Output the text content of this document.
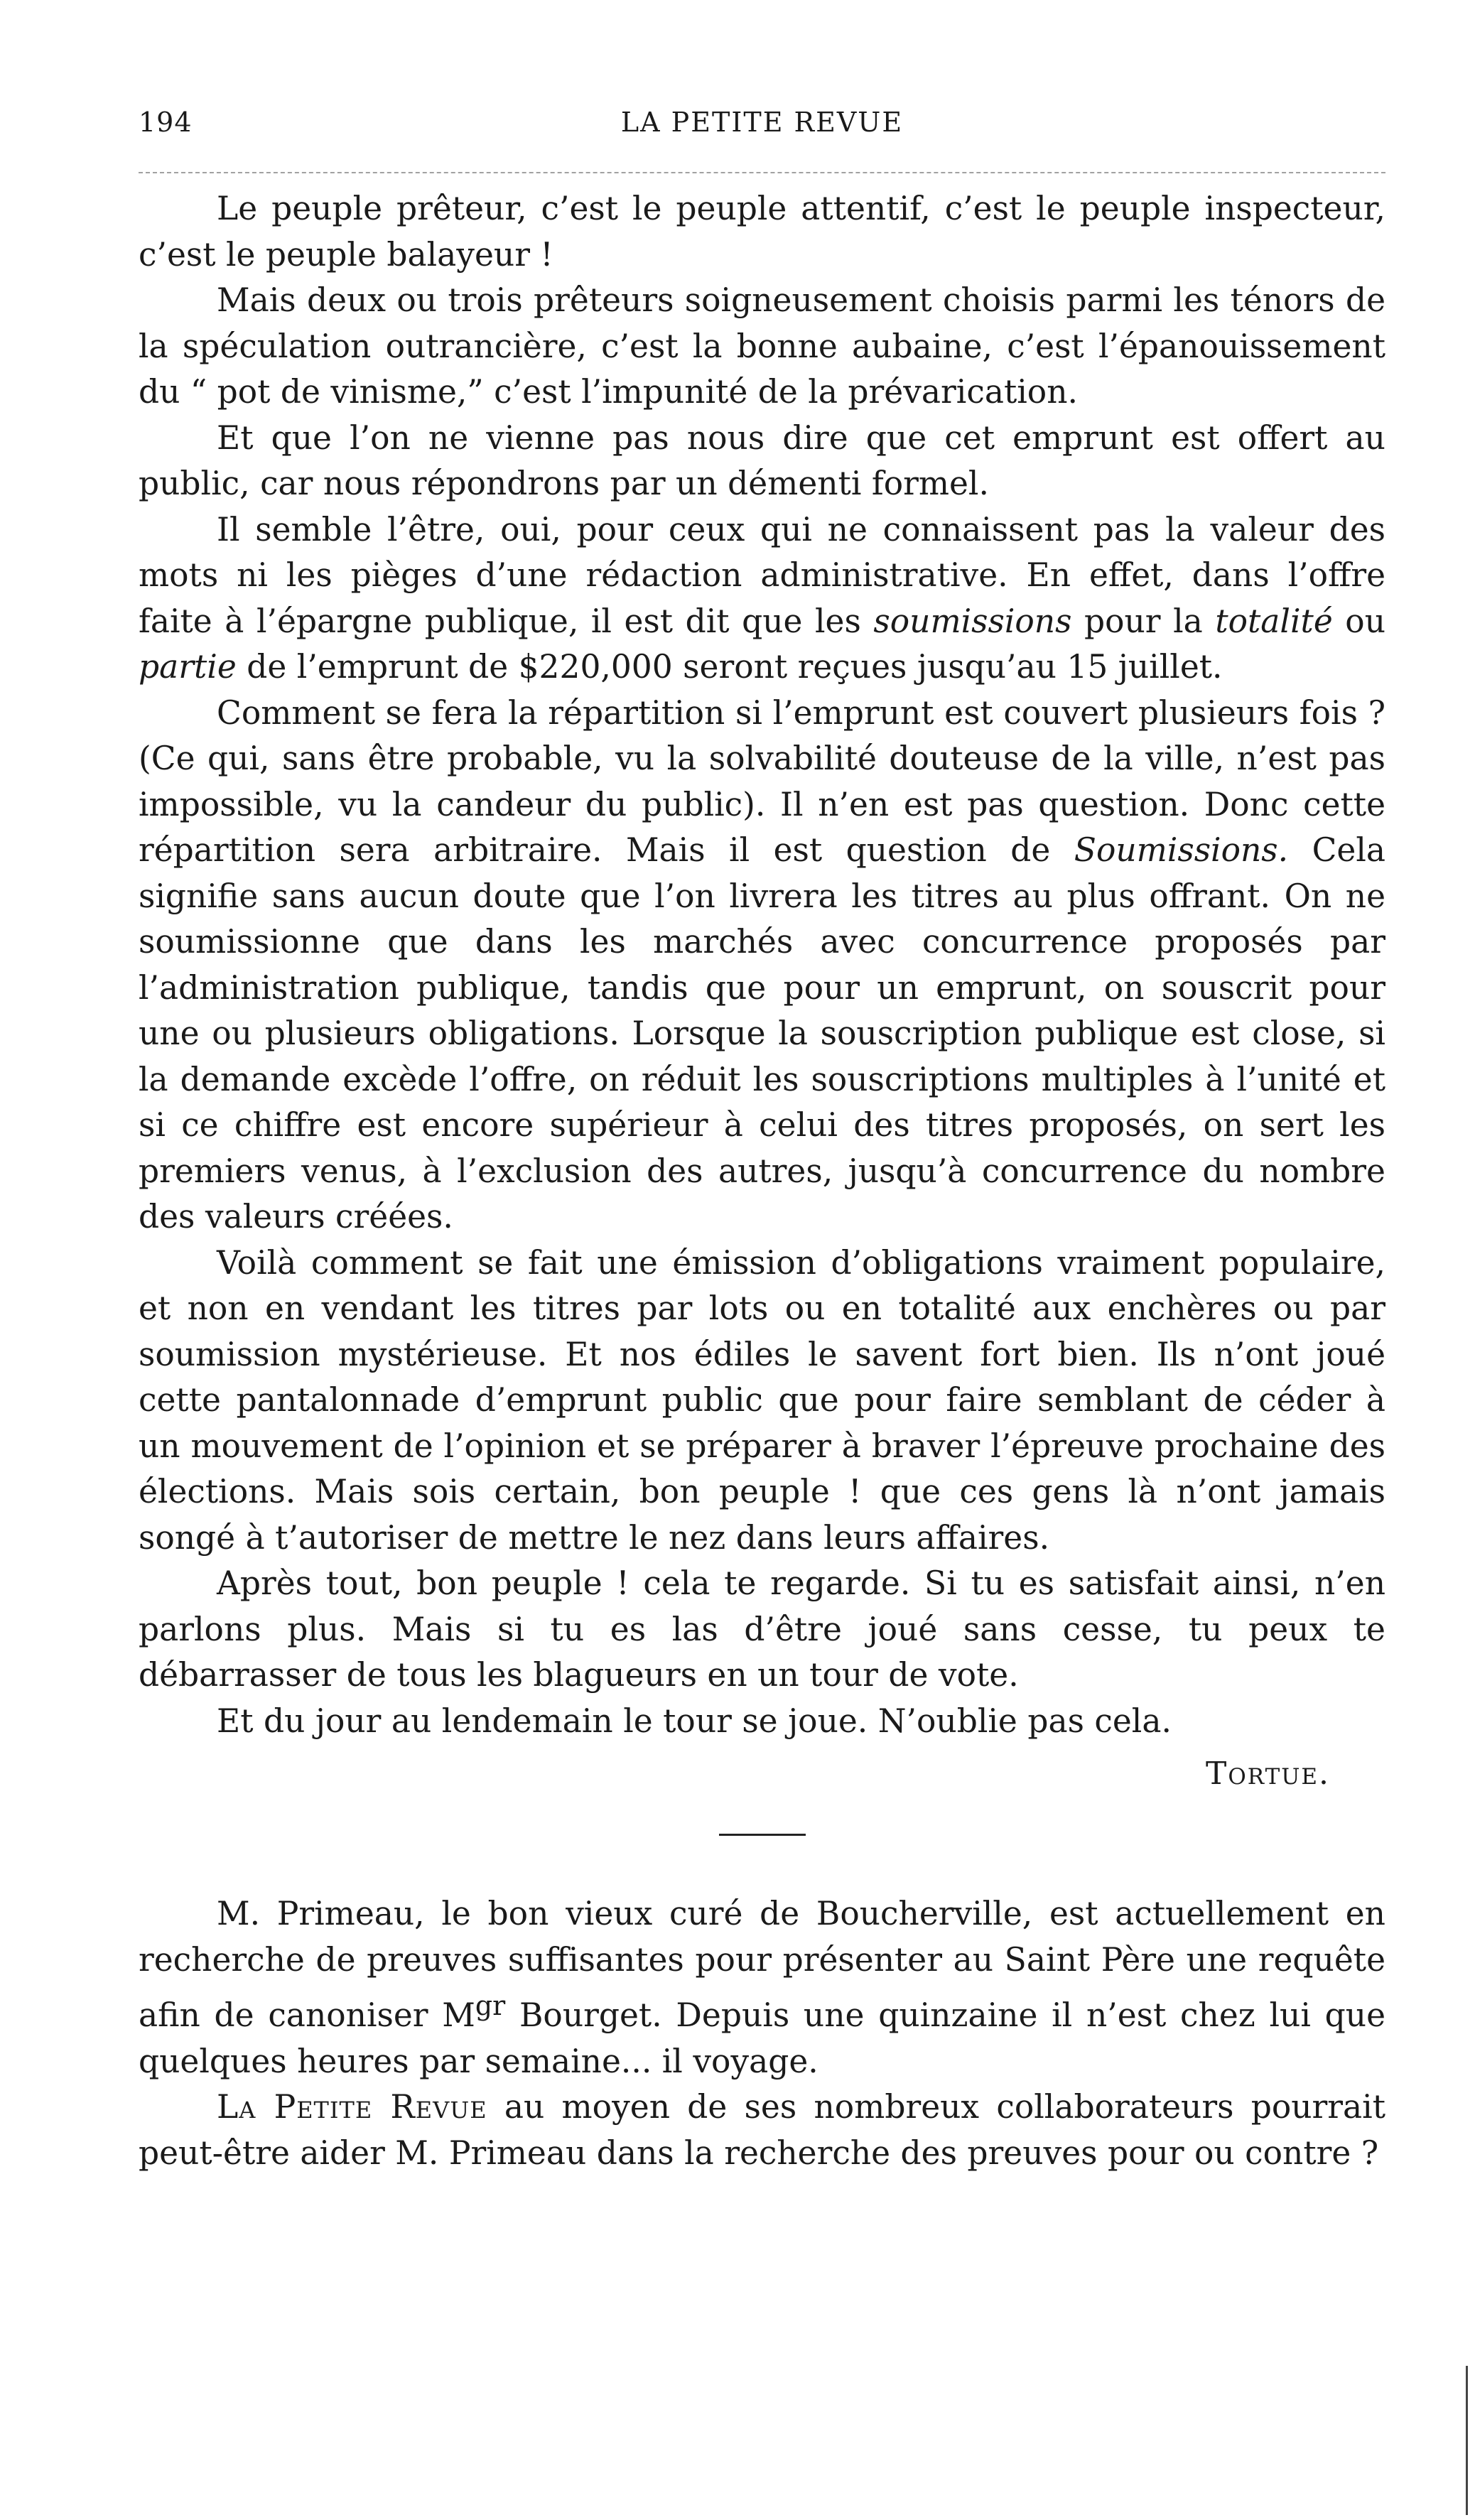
194	LA PETITE REVUE

Le peuple prêteur, c’est le peuple attentif, c’est le peuple inspecteur, c’est le peuple balayeur !

Mais deux ou trois prêteurs soigneusement choisis parmi les ténors de la spéculation outrancière, c’est la bonne aubaine, c’est l’épanouissement du “ pot de vinisme,” c’est l’impunité de la prévarication.

Et que l’on ne vienne pas nous dire que cet emprunt est offert au public, car nous répondrons par un démenti formel.

Il semble l’être, oui, pour ceux qui ne connaissent pas la valeur des mots ni les pièges d’une rédaction administrative. En effet, dans l’offre faite à l’épargne publique, il est dit que les soumissions pour la totalité ou partie de l’emprunt de $220,000 seront reçues jusqu’au 15 juillet.

Comment se fera la répartition si l’emprunt est couvert plusieurs fois ? (Ce qui, sans être probable, vu la solvabilité douteuse de la ville, n’est pas impossible, vu la candeur du public). Il n’en est pas question. Donc cette répartition sera arbitraire. Mais il est question de Soumissions. Cela signifie sans aucun doute que l’on livrera les titres au plus offrant. On ne soumissionne que dans les marchés avec concurrence proposés par l’administration publique, tandis que pour un emprunt, on souscrit pour une ou plusieurs obligations. Lorsque la souscription publique est close, si la demande excède l’offre, on réduit les souscriptions multiples à l’unité et si ce chiffre est encore supérieur à celui des titres proposés, on sert les premiers venus, à l’exclusion des autres, jusqu’à concurrence du nombre des valeurs créées.

Voilà comment se fait une émission d’obligations vraiment populaire, et non en vendant les titres par lots ou en totalité aux enchères ou par soumission mystérieuse. Et nos édiles le savent fort bien. Ils n’ont joué cette pantalonnade d’emprunt public que pour faire semblant de céder à un mouvement de l’opinion et se préparer à braver l’épreuve prochaine des élections. Mais sois certain, bon peuple ! que ces gens là n’ont jamais songé à t’autoriser de mettre le nez dans leurs affaires.

Après tout, bon peuple ! cela te regarde. Si tu es satisfait ainsi, n’en parlons plus. Mais si tu es las d’être joué sans cesse, tu peux te débarrasser de tous les blagueurs en un tour de vote.

Et du jour au lendemain le tour se joue. N’oublie pas cela.

Tortue.

M. Primeau, le bon vieux curé de Boucherville, est actuellement en recherche de preuves suffisantes pour présenter au Saint Père une requête afin de canoniser $M^{gr}$ Bourget. Depuis une quinzaine il n’est chez lui que quelques heures par semaine... il voyage.

La Petite Revue au moyen de ses nombreux collaborateurs pourrait peut-être aider M. Primeau dans la recherche des preuves pour ou contre ?
